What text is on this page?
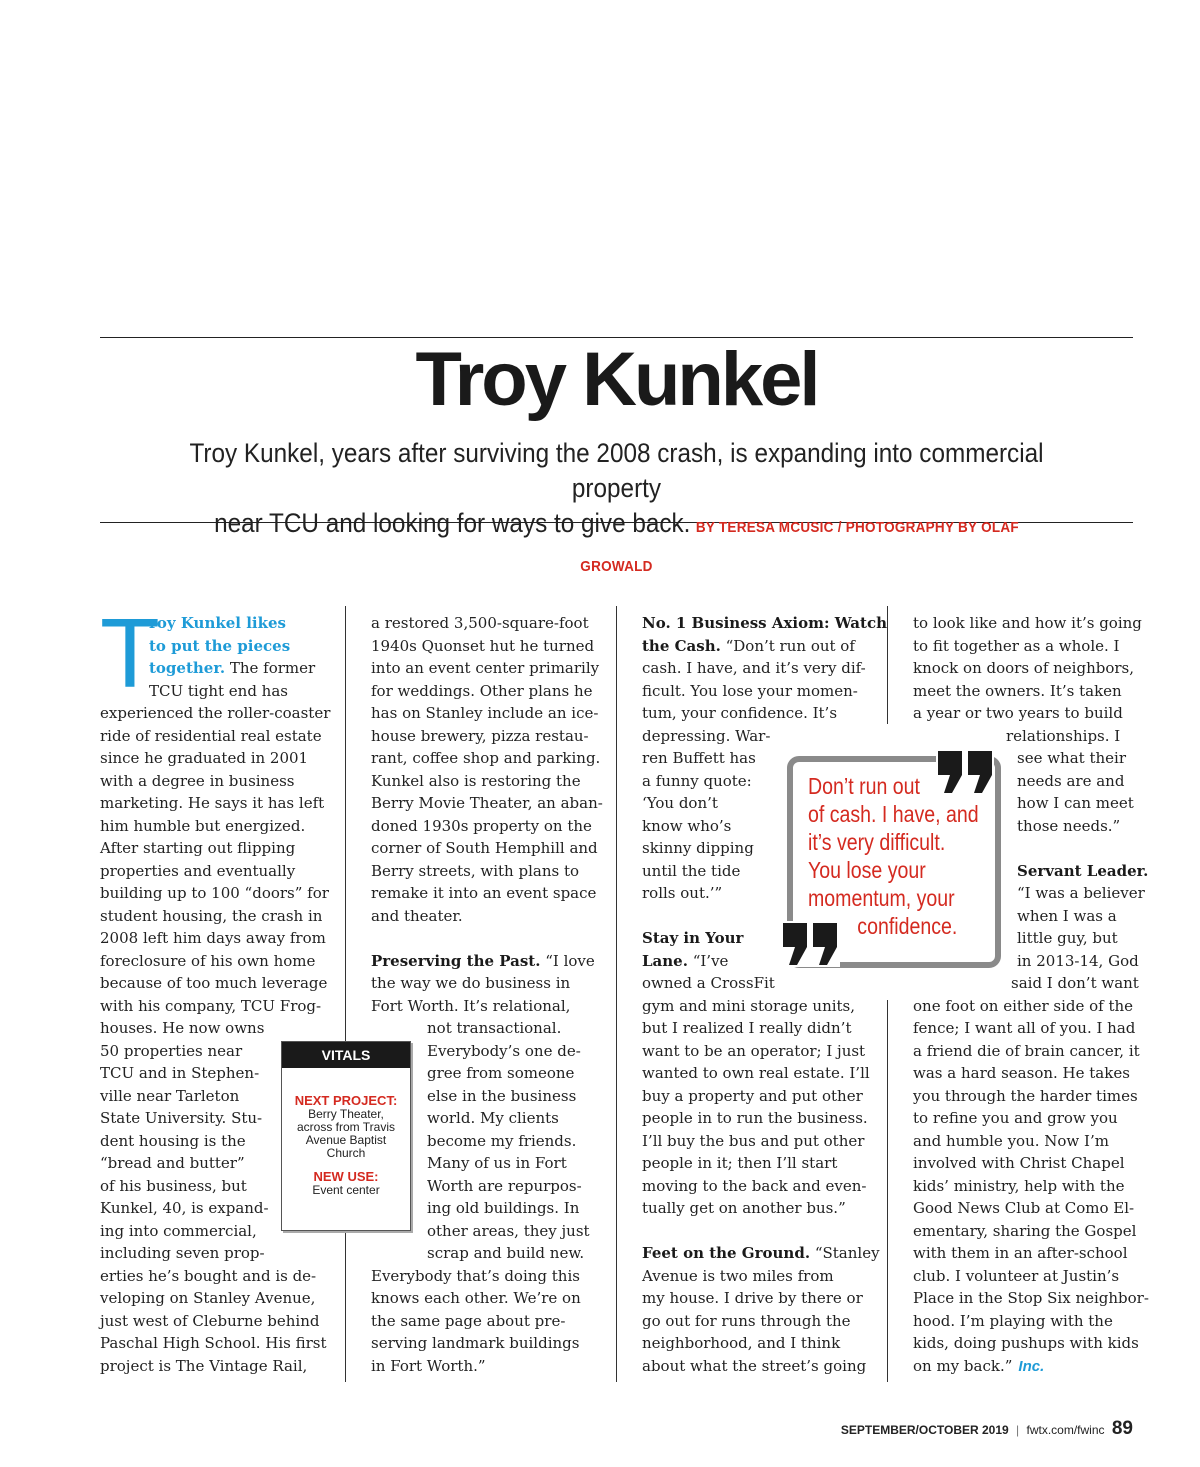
Troy Kunkel
Troy Kunkel, years after surviving the 2008 crash, is expanding into commercial property
near TCU and looking for ways to give back. BY TERESA MCUSIC / PHOTOGRAPHY BY OLAF GROWALD
T
roy Kunkel likes
to put the pieces
together. The former
TCU tight end has
experienced the roller-coaster
ride of residential real estate
since he graduated in 2001
with a degree in business
marketing. He says it has left
him humble but energized.
After starting out flipping
properties and eventually
building up to 100 “doors” for
student housing, the crash in
2008 left him days away from
foreclosure of his own home
because of too much leverage
with his company, TCU Frog-
houses. He now owns
50 properties near
TCU and in Stephen-
ville near Tarleton
State University. Stu-
dent housing is the
“bread and butter”
of his business, but
Kunkel, 40, is expand-
ing into commercial,
including seven prop-
erties he’s bought and is de-
veloping on Stanley Avenue,
just west of Cleburne behind
Paschal High School. His first
project is The Vintage Rail,
VITALS
NEXT PROJECT:
Berry Theater, across from Travis Avenue Baptist Church
NEW USE:
Event center
a restored 3,500-square-foot
1940s Quonset hut he turned
into an event center primarily
for weddings. Other plans he
has on Stanley include an ice-
house brewery, pizza restau-
rant, coffee shop and parking.
Kunkel also is restoring the
Berry Movie Theater, an aban-
doned 1930s property on the
corner of South Hemphill and
Berry streets, with plans to
remake it into an event space
and theater.
Preserving the Past. “I love
the way we do business in
Fort Worth. It’s relational,
not transactional.
Everybody’s one de-
gree from someone
else in the business
world. My clients
become my friends.
Many of us in Fort
Worth are repurpos-
ing old buildings. In
other areas, they just
scrap and build new.
Everybody that’s doing this
knows each other. We’re on
the same page about pre-
serving landmark buildings
in Fort Worth.”
No. 1 Business Axiom: Watch
the Cash. “Don’t run out of
cash. I have, and it’s very dif-
ficult. You lose your momen-
tum, your confidence. It’s
depressing. War-
ren Buffett has
a funny quote:
‘You don’t
know who’s
skinny dipping
until the tide
rolls out.’”
Stay in Your
Lane. “I’ve
owned a CrossFit
gym and mini storage units,
but I realized I really didn’t
want to be an operator; I just
wanted to own real estate. I’ll
buy a property and put other
people in to run the business.
I’ll buy the bus and put other
people in it; then I’ll start
moving to the back and even-
tually get on another bus.”
Feet on the Ground. “Stanley
Avenue is two miles from
my house. I drive by there or
go out for runs through the
neighborhood, and I think
about what the street’s going
to look like and how it’s going
to fit together as a whole. I
knock on doors of neighbors,
meet the owners. It’s taken
a year or two years to build
relationships. I
see what their
needs are and
how I can meet
those needs.”
Servant Leader.
“I was a believer
when I was a
little guy, but
in 2013-14, God
said I don’t want
one foot on either side of the
fence; I want all of you. I had
a friend die of brain cancer, it
was a hard season. He takes
you through the harder times
to refine you and grow you
and humble you. Now I’m
involved with Christ Chapel
kids’ ministry, help with the
Good News Club at Como El-
ementary, sharing the Gospel
with them in an after-school
club. I volunteer at Justin’s
Place in the Stop Six neighbor-
hood. I’m playing with the
kids, doing pushups with kids
on my back.” Inc.
Don’t run out
of cash. I have, and
it’s very difficult.
You lose your
momentum, your
confidence.
SEPTEMBER/OCTOBER 2019 | fwtx.com/fwinc 89
